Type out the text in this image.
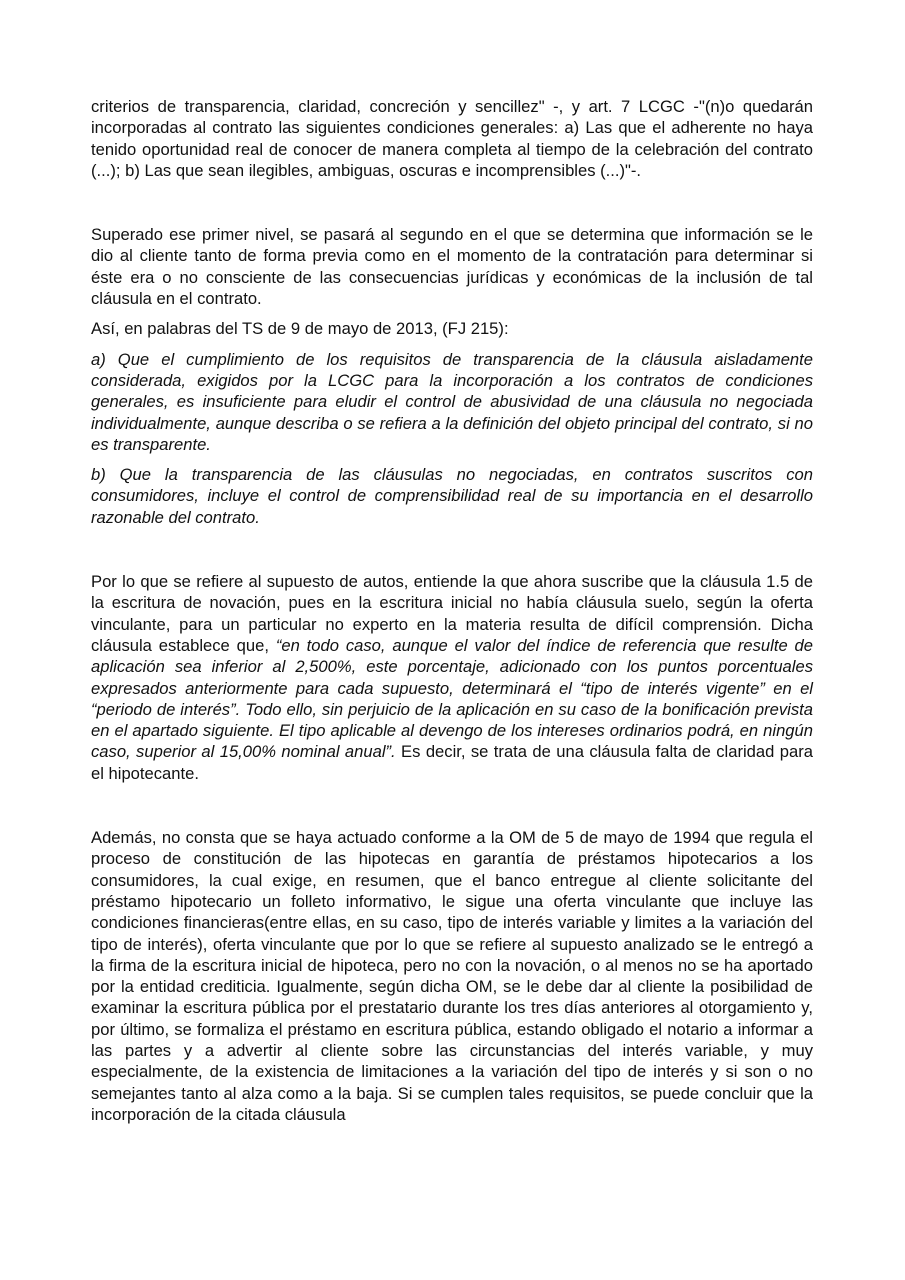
criterios de transparencia, claridad, concreción y sencillez" -, y art. 7 LCGC -"(n)o quedarán incorporadas al contrato las siguientes condiciones generales: a) Las que el adherente no haya tenido oportunidad real de conocer de manera completa al tiempo de la celebración del contrato (...); b) Las que sean ilegibles, ambiguas, oscuras e incomprensibles (...)"-.

Superado ese primer nivel, se pasará al segundo en el que se determina que información se le dio al cliente tanto de forma previa como en el momento de la contratación para determinar si éste era o no consciente de las consecuencias jurídicas y económicas de la inclusión de tal cláusula en el contrato.

Así, en palabras del TS de 9 de mayo de 2013, (FJ 215):

a) Que el cumplimiento de los requisitos de transparencia de la cláusula aisladamente considerada, exigidos por la LCGC para la incorporación a los contratos de condiciones generales, es insuficiente para eludir el control de abusividad de una cláusula no negociada individualmente, aunque describa o se refiera a la definición del objeto principal del contrato, si no es transparente.

b) Que la transparencia de las cláusulas no negociadas, en contratos suscritos con consumidores, incluye el control de comprensibilidad real de su importancia en el desarrollo razonable del contrato.

Por lo que se refiere al supuesto de autos, entiende la que ahora suscribe que la cláusula 1.5 de la escritura de novación, pues en la escritura inicial no había cláusula suelo, según la oferta vinculante, para un particular no experto en la materia resulta de difícil comprensión. Dicha cláusula establece que, “en todo caso, aunque el valor del índice de referencia que resulte de aplicación sea inferior al 2,500%, este porcentaje, adicionado con los puntos porcentuales expresados anteriormente para cada supuesto, determinará el “tipo de interés vigente” en el “periodo de interés”. Todo ello, sin perjuicio de la aplicación en su caso de la bonificación prevista en el apartado siguiente. El tipo aplicable al devengo de los intereses ordinarios podrá, en ningún caso, superior al 15,00% nominal anual”. Es decir, se trata de una cláusula falta de claridad para el hipotecante.

Además, no consta que se haya actuado conforme a la OM de 5 de mayo de 1994 que regula el proceso de constitución de las hipotecas en garantía de préstamos hipotecarios a los consumidores, la cual exige, en resumen, que el banco entregue al cliente solicitante del préstamo hipotecario un folleto informativo, le sigue una oferta vinculante que incluye las condiciones financieras(entre ellas, en su caso, tipo de interés variable y limites a la variación del tipo de interés), oferta vinculante que por lo que se refiere al supuesto analizado se le entregó a la firma de la escritura inicial de hipoteca, pero no con la novación, o al menos no se ha aportado por la entidad crediticia. Igualmente, según dicha OM, se le debe dar al cliente la posibilidad de examinar la escritura pública por el prestatario durante los tres días anteriores al otorgamiento y, por último, se formaliza el préstamo en escritura pública, estando obligado el notario a informar a las partes y a advertir al cliente sobre las circunstancias del interés variable, y muy especialmente, de la existencia de limitaciones a la variación del tipo de interés y si son o no semejantes tanto al alza como a la baja. Si se cumplen tales requisitos, se puede concluir que la incorporación de la citada cláusula
